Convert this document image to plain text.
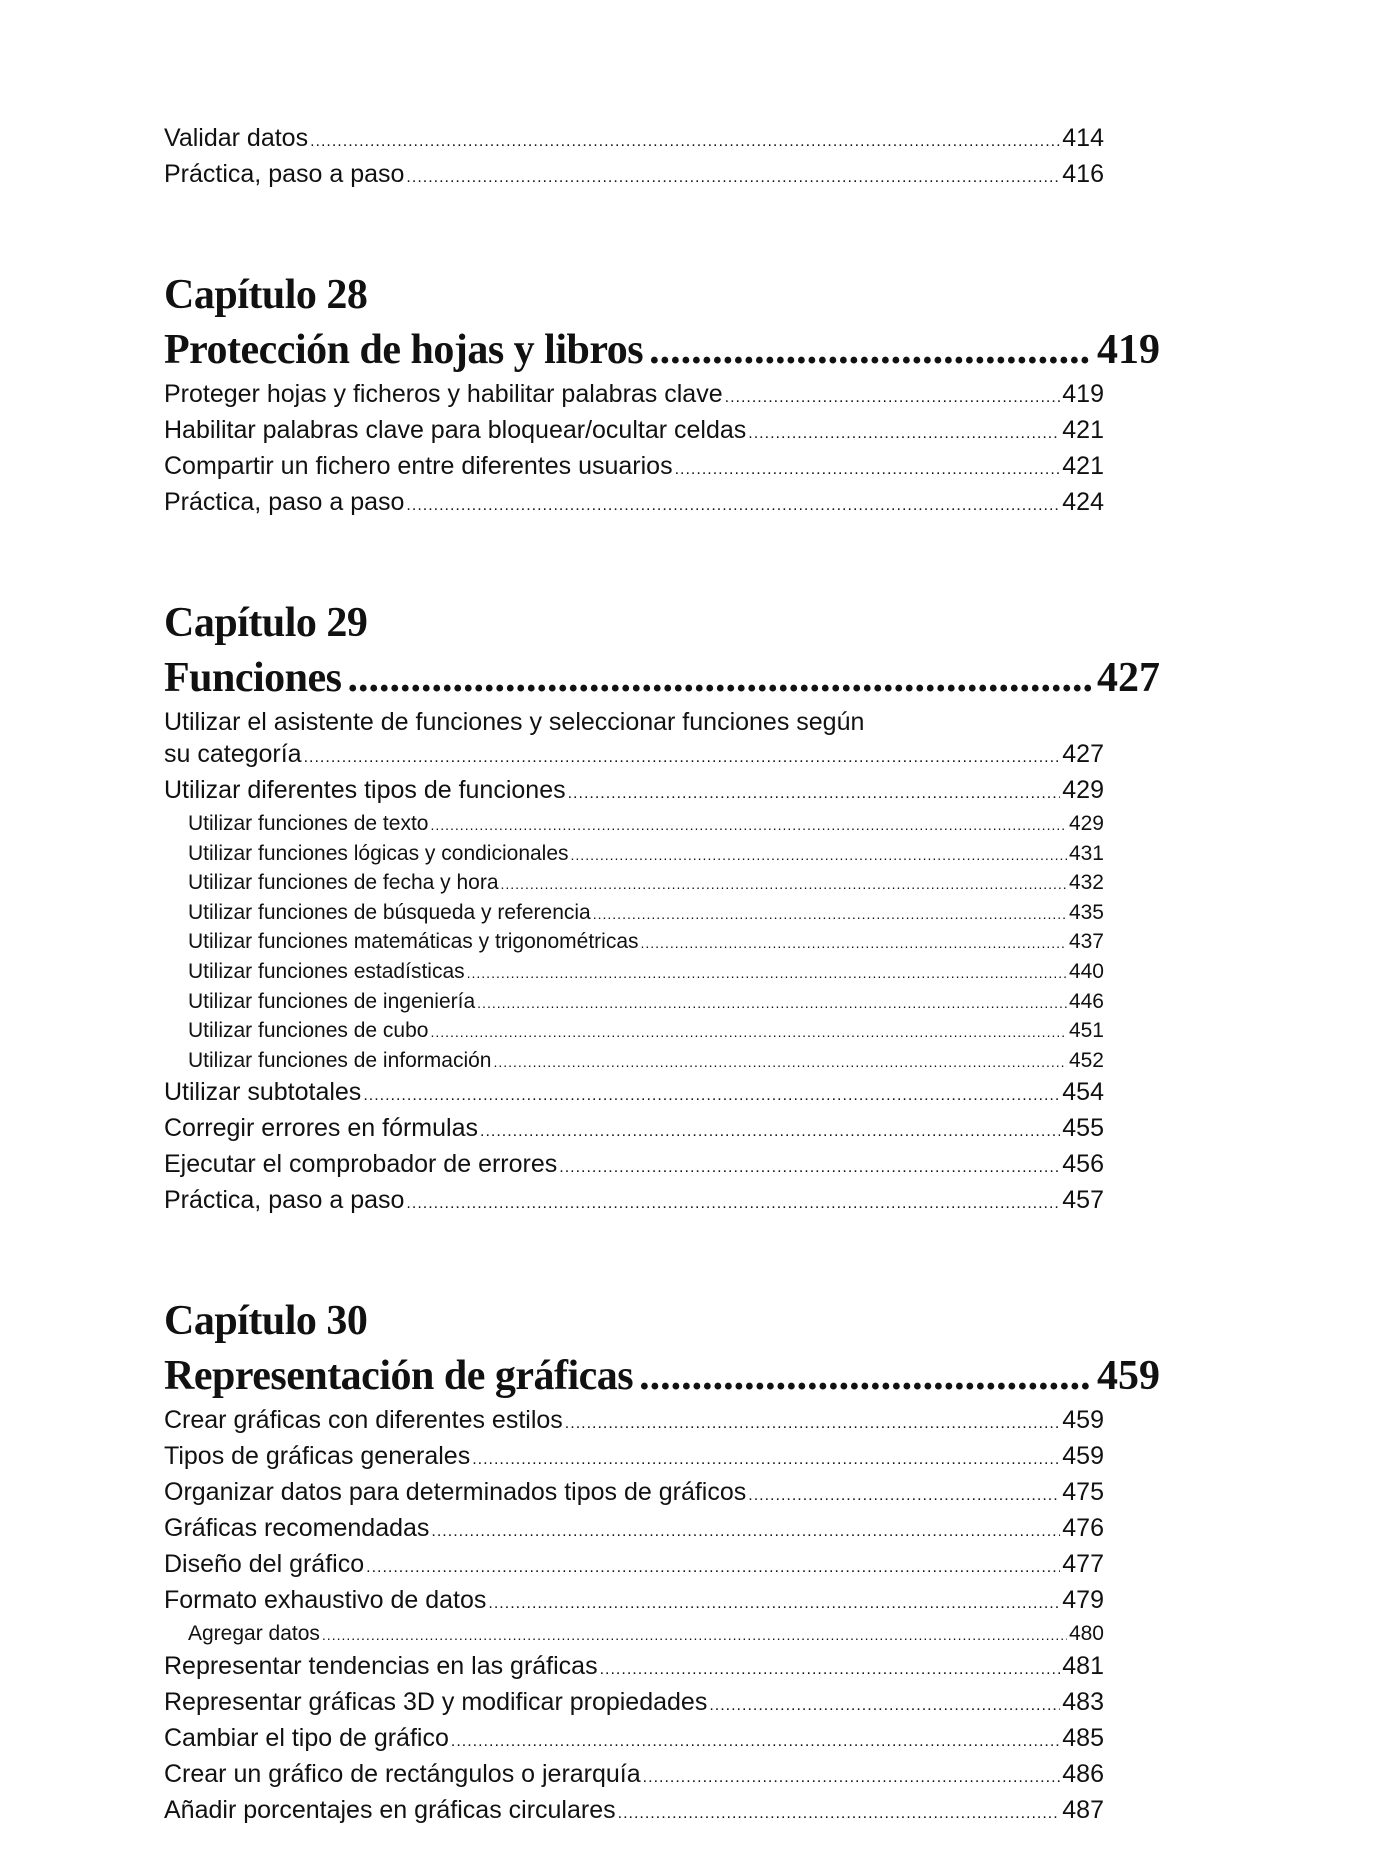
Validar datos .....	414
Práctica, paso a paso .....	416
Capítulo 28
Protección de hojas y libros .....	419
Proteger hojas y ficheros y habilitar palabras clave .....	419
Habilitar palabras clave para bloquear/ocultar celdas .....	421
Compartir un fichero entre diferentes usuarios .....	421
Práctica, paso a paso .....	424
Capítulo 29
Funciones .....	427
Utilizar el asistente de funciones y seleccionar funciones según
su categoría .....	427
Utilizar diferentes tipos de funciones .....	429
Utilizar funciones de texto .....	429
Utilizar funciones lógicas y condicionales .....	431
Utilizar funciones de fecha y hora .....	432
Utilizar funciones de búsqueda y referencia .....	435
Utilizar funciones matemáticas y trigonométricas .....	437
Utilizar funciones estadísticas .....	440
Utilizar funciones de ingeniería .....	446
Utilizar funciones de cubo .....	451
Utilizar funciones de información .....	452
Utilizar subtotales .....	454
Corregir errores en fórmulas .....	455
Ejecutar el comprobador de errores .....	456
Práctica, paso a paso .....	457
Capítulo 30
Representación de gráficas .....	459
Crear gráficas con diferentes estilos .....	459
Tipos de gráficas generales .....	459
Organizar datos para determinados tipos de gráficos .....	475
Gráficas recomendadas .....	476
Diseño del gráfico .....	477
Formato exhaustivo de datos .....	479
Agregar datos .....	480
Representar tendencias en las gráficas .....	481
Representar gráficas 3D y modificar propiedades .....	483
Cambiar el tipo de gráfico .....	485
Crear un gráfico de rectángulos o jerarquía .....	486
Añadir porcentajes en gráficas circulares .....	487
